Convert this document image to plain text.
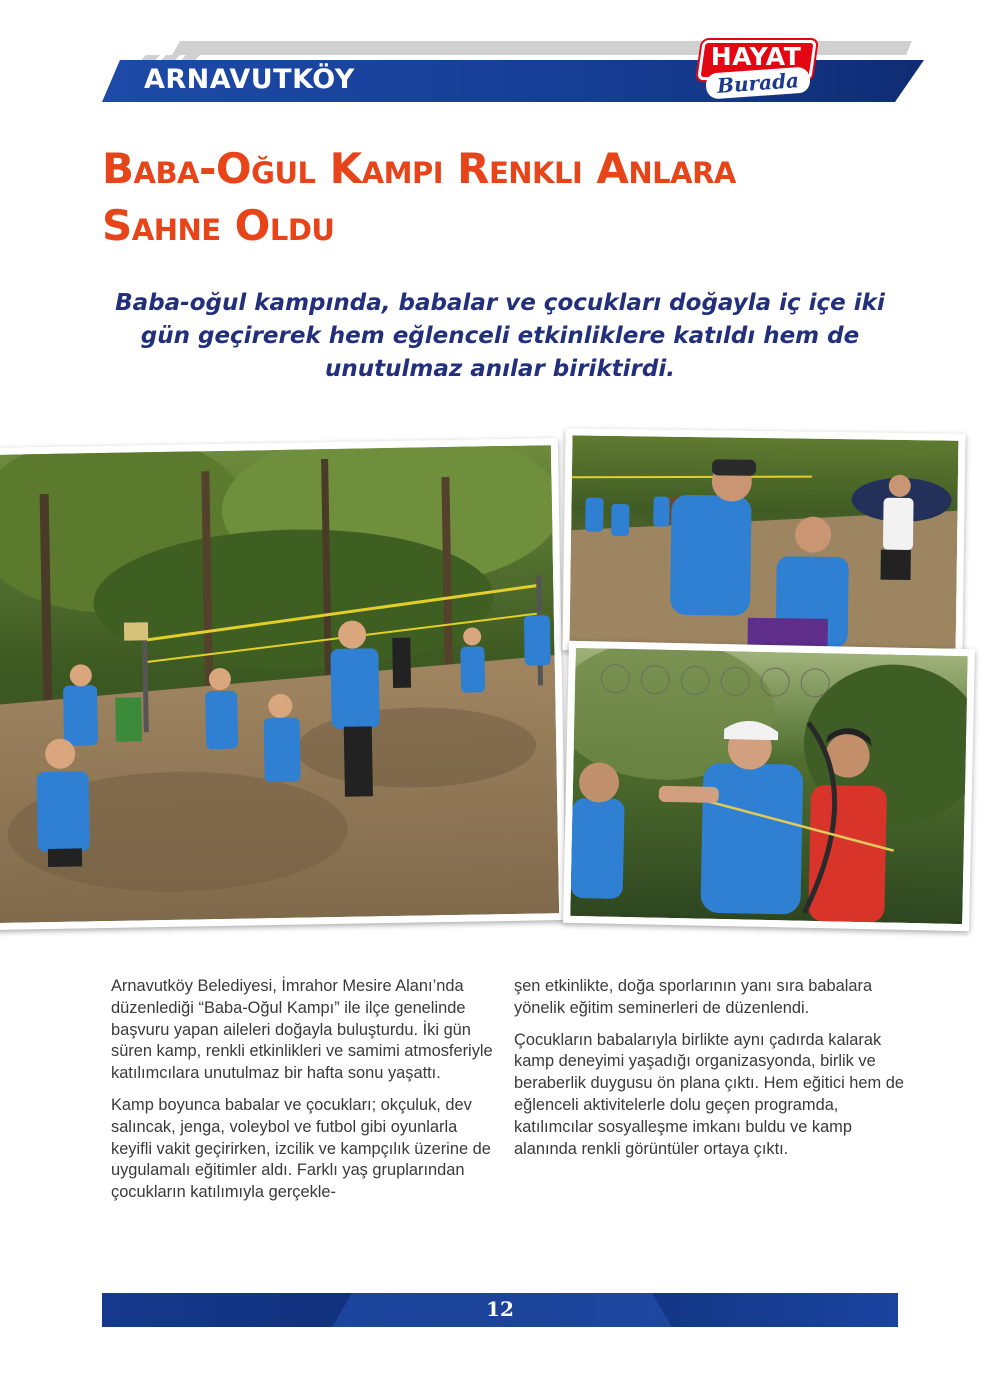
ARNAVUTKÖY
HAYAT
Burada
Baba-Oğul Kampı Renkli Anlara
Sahne Oldu
Baba-oğul kampında, babalar ve çocukları doğayla iç içe iki gün geçirerek hem eğlenceli etkinliklere katıldı hem de unutulmaz anılar biriktirdi.

Arnavutköy Belediyesi, İmrahor Mesire Alanı’nda düzenlediği “Baba-Oğul Kampı” ile ilçe genelinde başvuru yapan aileleri doğayla buluşturdu. İki gün süren kamp, renkli etkinlikleri ve samimi atmosferiyle katılımcılara unutulmaz bir hafta sonu yaşattı.

Kamp boyunca babalar ve çocukları; okçuluk, dev salıncak, jenga, voleybol ve futbol gibi oyunlarla keyifli vakit geçirirken, izcilik ve kampçılık üzerine de uygulamalı eğitimler aldı. Farklı yaş gruplarından çocukların katılımıyla gerçekle-

şen etkinlikte, doğa sporlarının yanı sıra babalara yönelik eğitim seminerleri de düzenlendi.

Çocukların babalarıyla birlikte aynı çadırda kalarak kamp deneyimi yaşadığı organizasyonda, birlik ve beraberlik duygusu ön plana çıktı. Hem eğitici hem de eğlenceli aktivitelerle dolu geçen programda, katılımcılar sosyalleşme imkanı buldu ve kamp alanında renkli görüntüler ortaya çıktı.

12
